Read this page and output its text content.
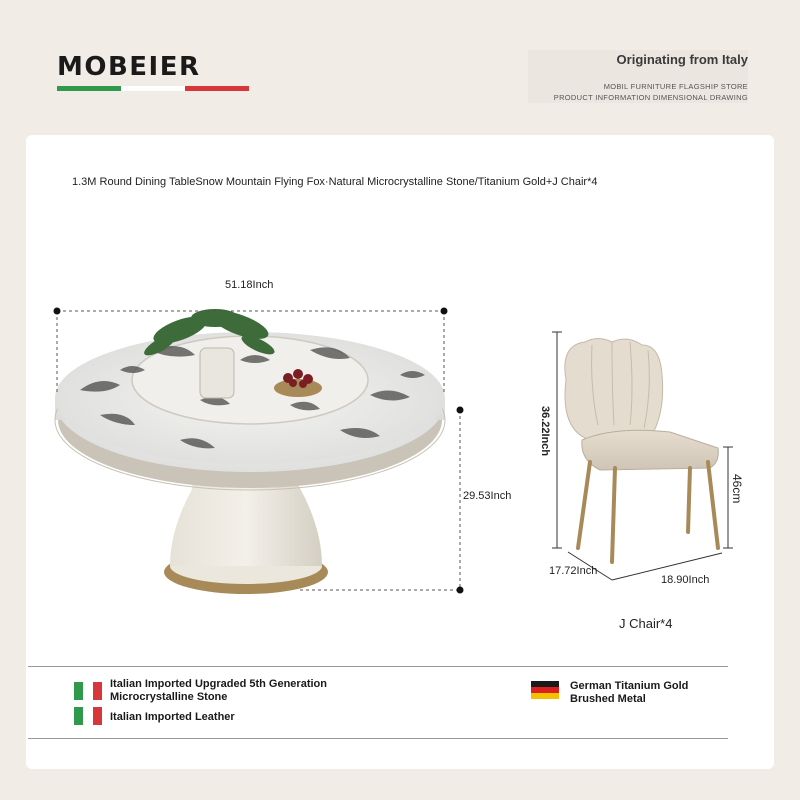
MOBEIER	Originating from Italy
MOBIL FURNITURE FLAGSHIP STORE
PRODUCT INFORMATION DIMENSIONAL DRAWING
1.3M Round Dining TableSnow Mountain Flying Fox·Natural Microcrystalline Stone/Titanium Gold+J Chair*4
51.18Inch
29.53Inch
36.22Inch
46cm
17.72Inch
18.90Inch
J Chair*4
Italian Imported Upgraded 5th Generation
Microcrystalline Stone
Italian Imported Leather
German Titanium Gold
Brushed Metal
